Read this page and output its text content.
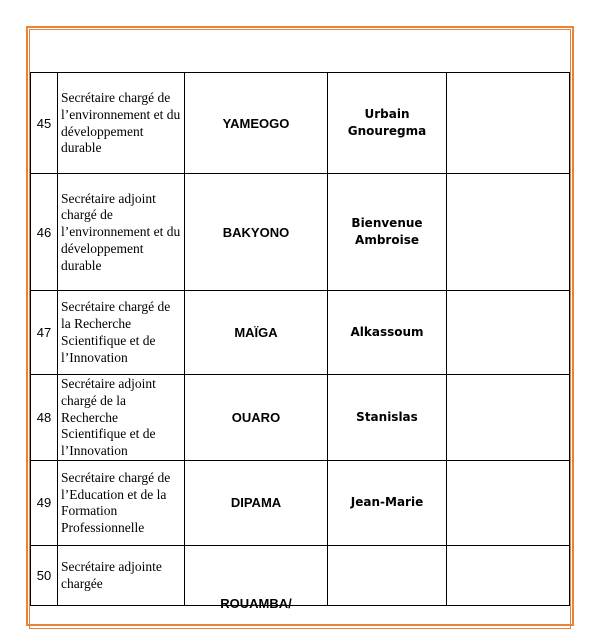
45	Secrétaire chargé de l’environnement et du développement durable	YAMEOGO	Urbain Gnouregma	
46	Secrétaire adjoint chargé de l’environnement et du développement durable	BAKYONO	Bienvenue Ambroise	
47	Secrétaire chargé de la Recherche Scientifique et de l’Innovation	MAÏGA	Alkassoum	
48	Secrétaire adjoint chargé de la Recherche Scientifique et de l’Innovation	OUARO	Stanislas	
49	Secrétaire chargé de l’Education et de la Formation Professionnelle	DIPAMA	Jean-Marie	
50	Secrétaire adjointe chargée	ROUAMBA/		
